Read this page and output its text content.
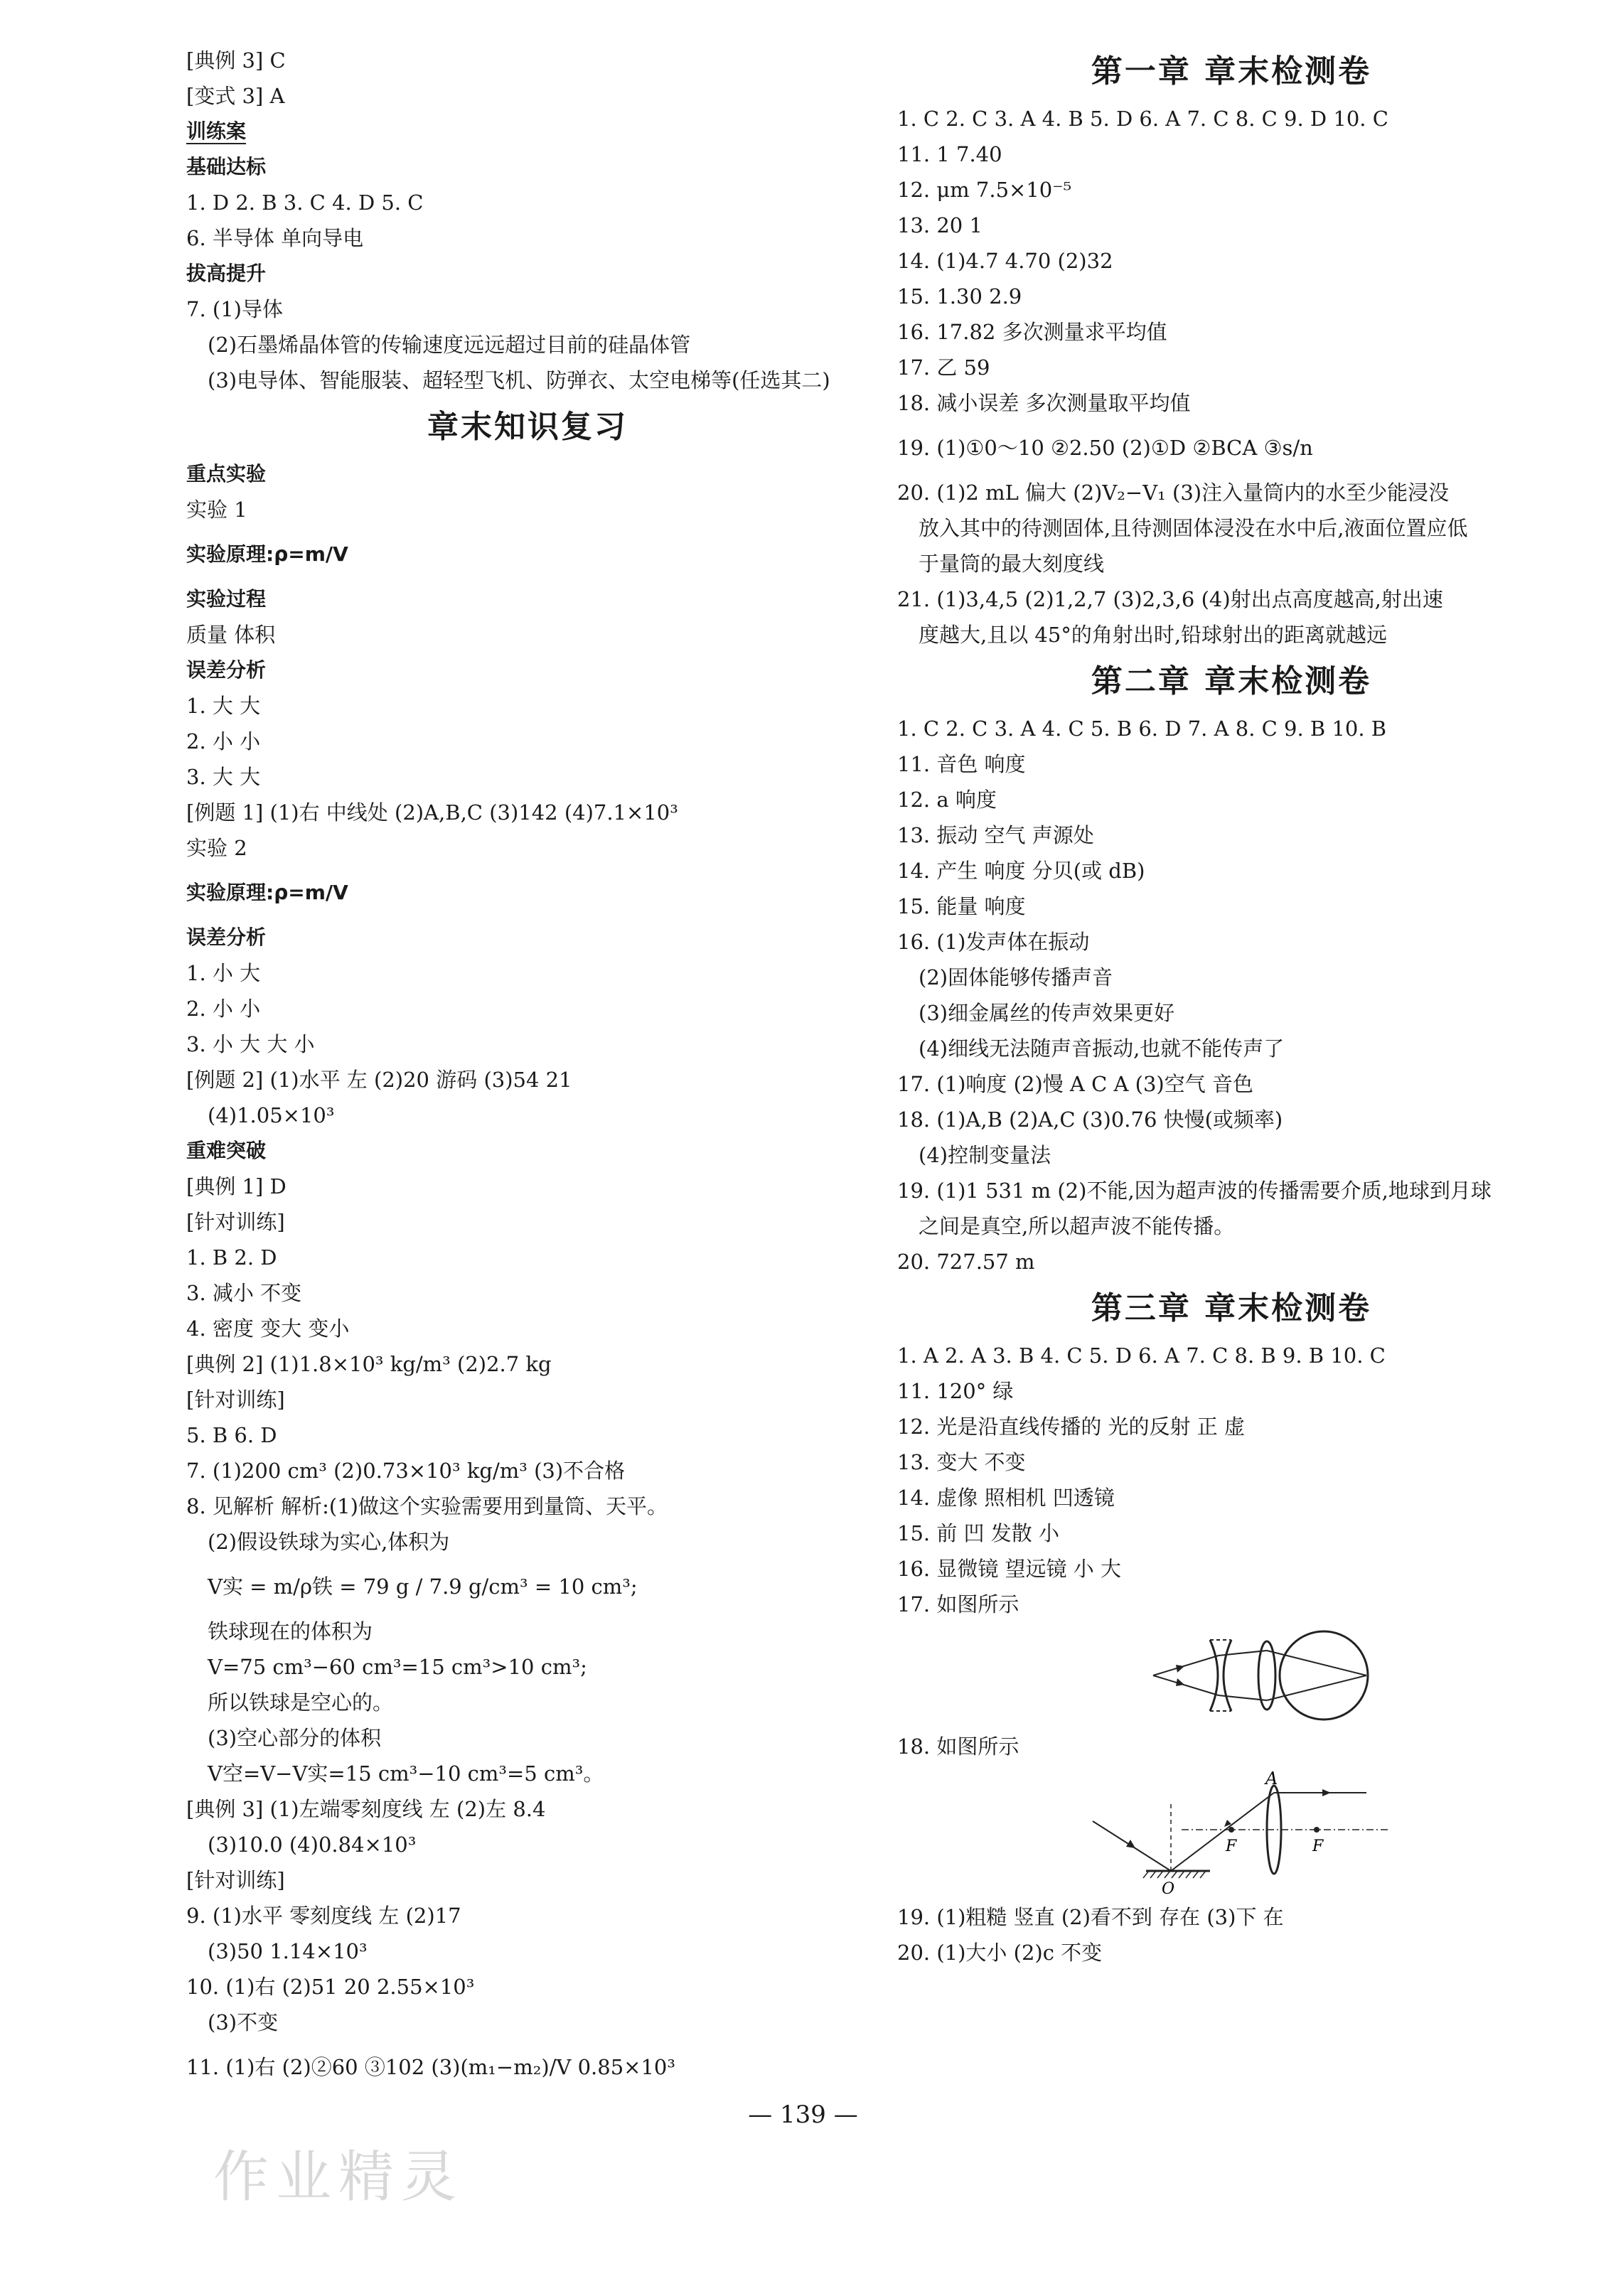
[典例 3] C
[变式 3] A
训练案
基础达标
1. D 2. B 3. C 4. D 5. C
6. 半导体 单向导电
拔高提升
7. (1)导体
(2)石墨烯晶体管的传输速度远远超过目前的硅晶体管
(3)电导体、智能服装、超轻型飞机、防弹衣、太空电梯等(任选其二)
章末知识复习
重点实验
实验 1
实验原理:ρ=m/V
实验过程
质量 体积
误差分析
1. 大 大
2. 小 小
3. 大 大
[例题 1] (1)右 中线处 (2)A,B,C (3)142 (4)7.1×10³
实验 2
实验原理:ρ=m/V
误差分析
1. 小 大
2. 小 小
3. 小 大 大 小
[例题 2] (1)水平 左 (2)20 游码 (3)54 21
(4)1.05×10³
重难突破
[典例 1] D
[针对训练]
1. B 2. D
3. 减小 不变
4. 密度 变大 变小
[典例 2] (1)1.8×10³ kg/m³ (2)2.7 kg
[针对训练]
5. B 6. D
7. (1)200 cm³ (2)0.73×10³ kg/m³ (3)不合格
8. 见解析 解析:(1)做这个实验需要用到量筒、天平。
(2)假设铁球为实心,体积为
V实 = m/ρ铁 = 79 g / 7.9 g/cm³ = 10 cm³;
铁球现在的体积为
V=75 cm³−60 cm³=15 cm³>10 cm³;
所以铁球是空心的。
(3)空心部分的体积
V空=V−V实=15 cm³−10 cm³=5 cm³。
[典例 3] (1)左端零刻度线 左 (2)左 8.4
(3)10.0 (4)0.84×10³
[针对训练]
9. (1)水平 零刻度线 左 (2)17
(3)50 1.14×10³
10. (1)右 (2)51 20 2.55×10³
(3)不变
11. (1)右 (2)②60 ③102 (3)(m₁−m₂)/V 0.85×10³
第一章 章末检测卷
1. C 2. C 3. A 4. B 5. D 6. A 7. C 8. C 9. D 10. C
11. 1 7.40
12. μm 7.5×10⁻⁵
13. 20 1
14. (1)4.7 4.70 (2)32
15. 1.30 2.9
16. 17.82 多次测量求平均值
17. 乙 59
18. 减小误差 多次测量取平均值
19. (1)①0～10 ②2.50 (2)①D ②BCA ③s/n
20. (1)2 mL 偏大 (2)V₂−V₁ (3)注入量筒内的水至少能浸没
放入其中的待测固体,且待测固体浸没在水中后,液面位置应低
于量筒的最大刻度线
21. (1)3,4,5 (2)1,2,7 (3)2,3,6 (4)射出点高度越高,射出速
度越大,且以 45°的角射出时,铅球射出的距离就越远
第二章 章末检测卷
1. C 2. C 3. A 4. C 5. B 6. D 7. A 8. C 9. B 10. B
11. 音色 响度
12. a 响度
13. 振动 空气 声源处
14. 产生 响度 分贝(或 dB)
15. 能量 响度
16. (1)发声体在振动
(2)固体能够传播声音
(3)细金属丝的传声效果更好
(4)细线无法随声音振动,也就不能传声了
17. (1)响度 (2)慢 A C A (3)空气 音色
18. (1)A,B (2)A,C (3)0.76 快慢(或频率)
(4)控制变量法
19. (1)1 531 m (2)不能,因为超声波的传播需要介质,地球到月球
之间是真空,所以超声波不能传播。
20. 727.57 m
第三章 章末检测卷
1. A 2. A 3. B 4. C 5. D 6. A 7. C 8. B 9. B 10. C
11. 120° 绿
12. 光是沿直线传播的 光的反射 正 虚
13. 变大 不变
14. 虚像 照相机 凹透镜
15. 前 凹 发散 小
16. 显微镜 望远镜 小 大
17. 如图所示
18. 如图所示
A
F	F
O
19. (1)粗糙 竖直 (2)看不到 存在 (3)下 在
20. (1)大小 (2)c 不变
— 139 —
作业精灵
